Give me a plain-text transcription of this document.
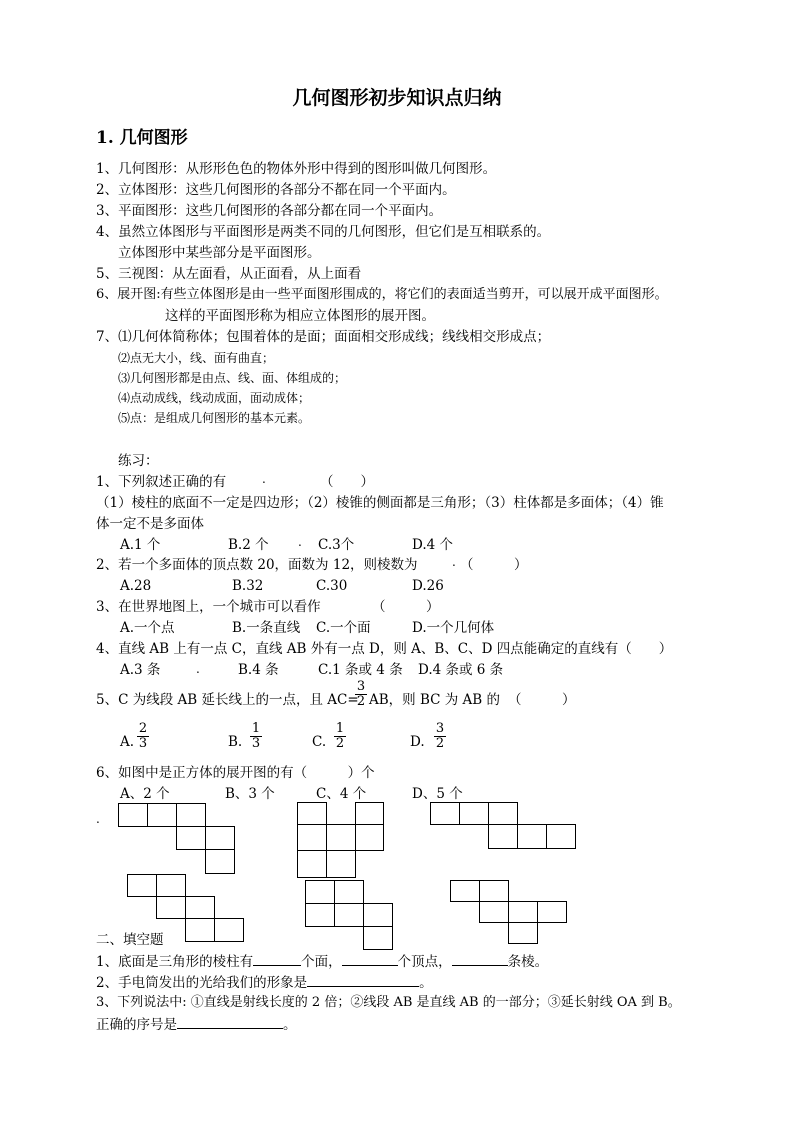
几何图形初步知识点归纳
1. 几何图形
1、几何图形：从形形色色的物体外形中得到的图形叫做几何图形。
2、立体图形：这些几何图形的各部分不都在同一个平面内。
3、平面图形：这些几何图形的各部分都在同一个平面内。
4、虽然立体图形与平面图形是两类不同的几何图形，但它们是互相联系的。
立体图形中某些部分是平面图形。
5、三视图：从左面看，从正面看，从上面看
6、展开图:有些立体图形是由一些平面图形围成的，将它们的表面适当剪开，可以展开成平面图形。
这样的平面图形称为相应立体图形的展开图。
7、⑴几何体简称体；包围着体的是面；面面相交形成线；线线相交形成点；
⑵点无大小，线、面有曲直；
⑶几何图形都是由点、线、面、体组成的；
⑷点动成线，线动成面，面动成体；
⑸点：是组成几何图形的基本元素。
练习：
1、下列叙述正确的有	.	（　　）
（1）棱柱的底面不一定是四边形；（2）棱锥的侧面都是三角形；（3）柱体都是多面体；（4）锥
体一定不是多面体
A.1 个	B.2 个 . C.3个	D.4 个
2、若一个多面体的顶点数 20，面数为 12，则棱数为	. （　　　）
A.28	B.32	C.30	D.26
3、在世界地图上，一个城市可以看作	（　　　）
A.一个点	B.一条直线 C.一个面	D.一个几何体
4、直线 AB 上有一点 C，直线 AB 外有一点 D，则 A、B、C、D 四点能确定的直线有（　　）
A.3 条	.	B.4 条	C.1 条或 4 条 D.4 条或 6 条
5、C 为线段 AB 延长线上的一点，且 AC=
3
2 AB，则 BC 为 AB 的 （　　　）
A.
2
3	B.
1
3	C.
1
2	D.
3
2
6、如图中是正方体的展开图的有（　　　）个
A、2 个	B、3 个	C、4 个	D、5 个
.
二、填空题
1、底面是三角形的棱柱有	个面，	个顶点，	条棱。
2、手电筒发出的光给我们的形象是	。
3、下列说法中: ①直线是射线长度的 2 倍；②线段 AB 是直线 AB 的一部分；③延长射线 OA 到 B。
正确的序号是	。
